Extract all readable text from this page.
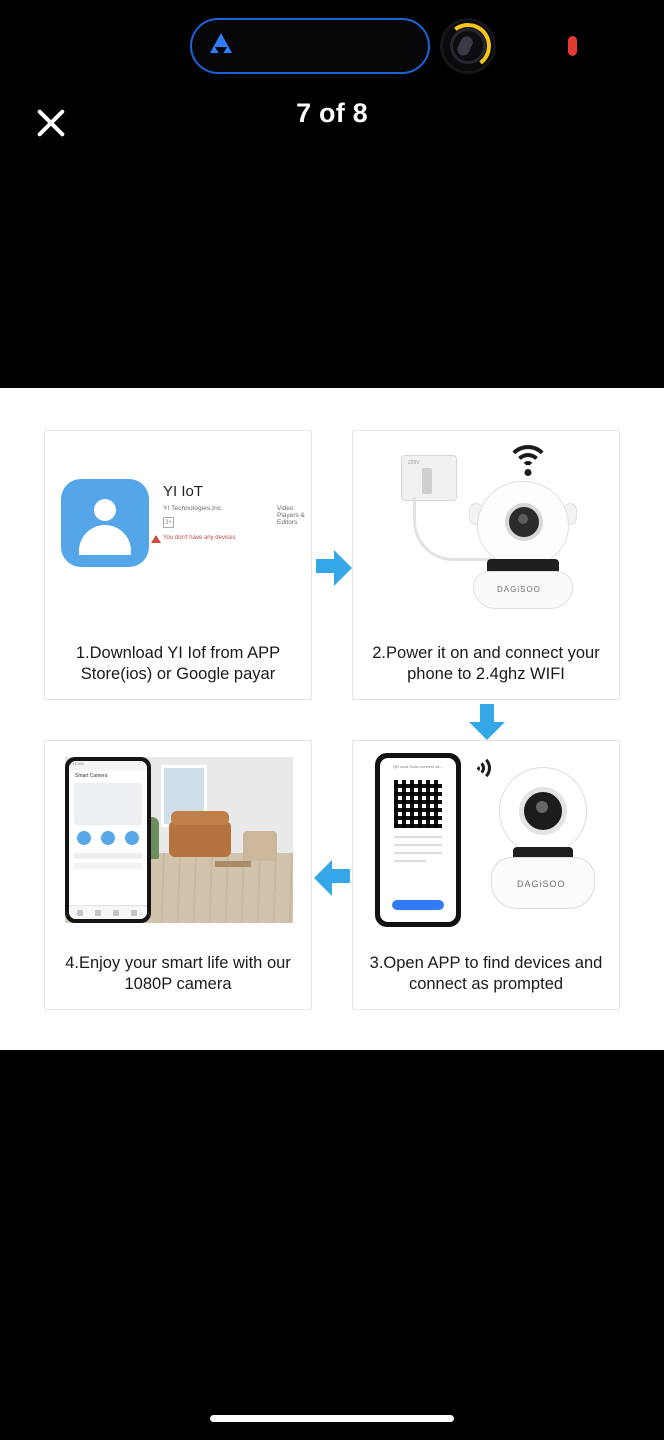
7 of 8
YI IoT
YI Technologies,Inc.	Video Players & Editors
3+
You don't have any devices
1.Download YI Iof from APP
Store(ios) or Google payar
220V
DAGiSOO
2.Power it on and connect your
phone to 2.4ghz WIFI
9:41 AM
Smart Camera
4.Enjoy your smart life with our
1080P camera
QR code Scan connect de...
DAGiSOO
3.Open APP to find devices and
connect as prompted
